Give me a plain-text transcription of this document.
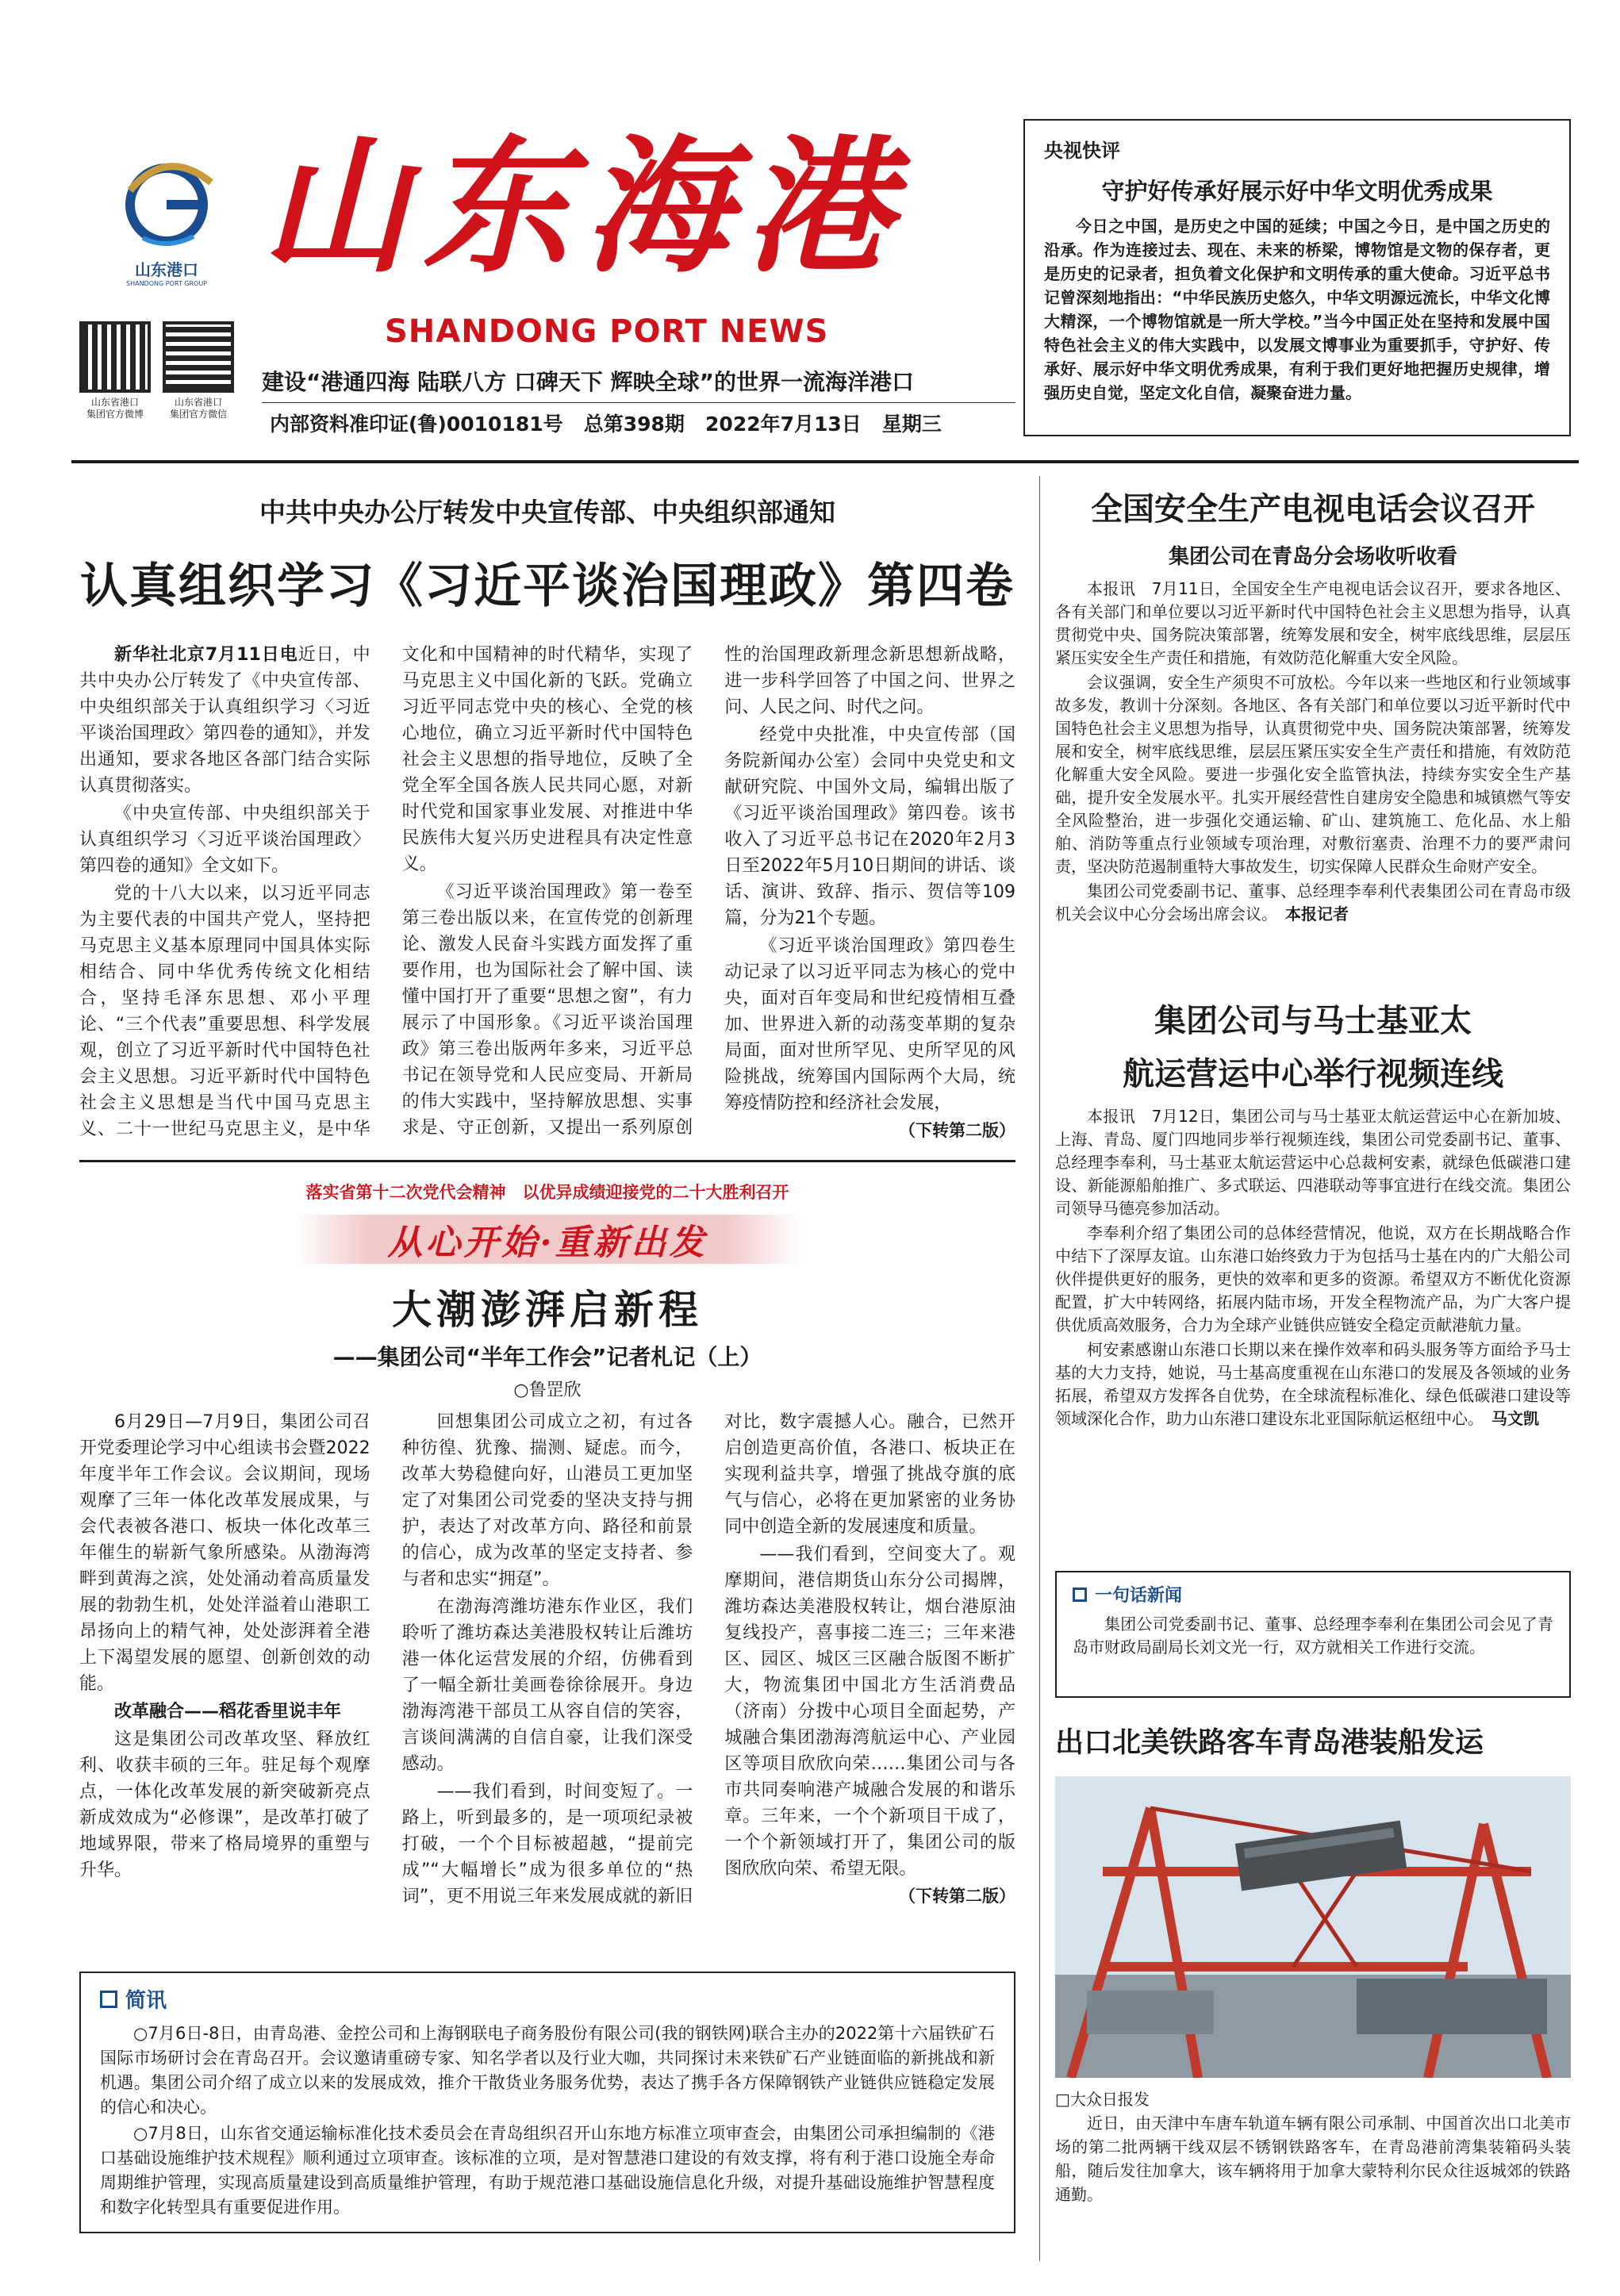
山东港口
SHANDONG PORT GROUP 山东海港
SHANDONG PORT NEWS
山东省港口
集团官方微博
山东省港口
集团官方微信
建设“港通四海 陆联八方 口碑天下 辉映全球”的世界一流海洋港口
内部资料准印证(鲁)0010181号   总第398期   2022年7月13日   星期三
央视快评
守护好传承好展示好中华文明优秀成果
今日之中国，是历史之中国的延续；中国之今日，是中国之历史的沿承。作为连接过去、现在、未来的桥梁，博物馆是文物的保存者，更是历史的记录者，担负着文化保护和文明传承的重大使命。习近平总书记曾深刻地指出：“中华民族历史悠久，中华文明源远流长，中华文化博大精深，一个博物馆就是一所大学校。”当今中国正处在坚持和发展中国特色社会主义的伟大实践中，以发展文博事业为重要抓手，守护好、传承好、展示好中华文明优秀成果，有利于我们更好地把握历史规律，增强历史自觉，坚定文化自信，凝聚奋进力量。
中共中央办公厅转发中央宣传部、中央组织部通知
认真组织学习《习近平谈治国理政》第四卷
新华社北京7月11日电近日，中共中央办公厅转发了《中央宣传部、中央组织部关于认真组织学习〈习近平谈治国理政〉第四卷的通知》，并发出通知，要求各地区各部门结合实际认真贯彻落实。
《中央宣传部、中央组织部关于认真组织学习〈习近平谈治国理政〉第四卷的通知》全文如下。
党的十八大以来，以习近平同志为主要代表的中国共产党人，坚持把马克思主义基本原理同中国具体实际相结合、同中华优秀传统文化相结合，坚持毛泽东思想、邓小平理论、“三个代表”重要思想、科学发展观，创立了习近平新时代中国特色社会主义思想。习近平新时代中国特色社会主义思想是当代中国马克思主义、二十一世纪马克思主义，是中华文化和中国精神的时代精华，实现了马克思主义中国化新的飞跃。党确立习近平同志党中央的核心、全党的核心地位，确立习近平新时代中国特色社会主义思想的指导地位，反映了全党全军全国各族人民共同心愿，对新时代党和国家事业发展、对推进中华民族伟大复兴历史进程具有决定性意义。
《习近平谈治国理政》第一卷至第三卷出版以来，在宣传党的创新理论、激发人民奋斗实践方面发挥了重要作用，也为国际社会了解中国、读懂中国打开了重要“思想之窗”，有力展示了中国形象。《习近平谈治国理政》第三卷出版两年多来，习近平总书记在领导党和人民应变局、开新局的伟大实践中，坚持解放思想、实事求是、守正创新，又提出一系列原创性的治国理政新理念新思想新战略，进一步科学回答了中国之问、世界之问、人民之问、时代之问。
经党中央批准，中央宣传部（国务院新闻办公室）会同中央党史和文献研究院、中国外文局，编辑出版了《习近平谈治国理政》第四卷。该书收入了习近平总书记在2020年2月3日至2022年5月10日期间的讲话、谈话、演讲、致辞、指示、贺信等109篇，分为21个专题。
《习近平谈治国理政》第四卷生动记录了以习近平同志为核心的党中央，面对百年变局和世纪疫情相互叠加、世界进入新的动荡变革期的复杂局面，面对世所罕见、史所罕见的风险挑战，统筹国内国际两个大局，统筹疫情防控和经济社会发展，
（下转第二版）
落实省第十二次党代会精神　以优异成绩迎接党的二十大胜利召开
从心开始·重新出发
大潮澎湃启新程
——集团公司“半年工作会”记者札记（上）
○鲁罡欣
6月29日—7月9日，集团公司召开党委理论学习中心组读书会暨2022年度半年工作会议。会议期间，现场观摩了三年一体化改革发展成果，与会代表被各港口、板块一体化改革三年催生的崭新气象所感染。从渤海湾畔到黄海之滨，处处涌动着高质量发展的勃勃生机，处处洋溢着山港职工昂扬向上的精气神，处处澎湃着全港上下渴望发展的愿望、创新创效的动能。
改革融合——稻花香里说丰年
这是集团公司改革攻坚、释放红利、收获丰硕的三年。驻足每个观摩点，一体化改革发展的新突破新亮点新成效成为“必修课”，是改革打破了地域界限，带来了格局境界的重塑与升华。
回想集团公司成立之初，有过各种彷徨、犹豫、揣测、疑虑。而今，改革大势稳健向好，山港员工更加坚定了对集团公司党委的坚决支持与拥护，表达了对改革方向、路径和前景的信心，成为改革的坚定支持者、参与者和忠实“拥趸”。
在渤海湾潍坊港东作业区，我们聆听了潍坊森达美港股权转让后潍坊港一体化运营发展的介绍，仿佛看到了一幅全新壮美画卷徐徐展开。身边渤海湾港干部员工从容自信的笑容，言谈间满满的自信自豪，让我们深受感动。
——我们看到，时间变短了。一路上，听到最多的，是一项项纪录被打破，一个个目标被超越，“提前完成”“大幅增长”成为很多单位的“热词”，更不用说三年来发展成就的新旧对比，数字震撼人心。融合，已然开启创造更高价值，各港口、板块正在实现利益共享，增强了挑战夺旗的底气与信心，必将在更加紧密的业务协同中创造全新的发展速度和质量。
——我们看到，空间变大了。观摩期间，港信期货山东分公司揭牌，潍坊森达美港股权转让，烟台港原油复线投产，喜事接二连三；三年来港区、园区、城区三区融合版图不断扩大，物流集团中国北方生活消费品（济南）分拨中心项目全面起势，产城融合集团渤海湾航运中心、产业园区等项目欣欣向荣……集团公司与各市共同奏响港产城融合发展的和谐乐章。三年来，一个个新项目干成了，一个个新领域打开了，集团公司的版图欣欣向荣、希望无限。
（下转第二版）
简讯
○7月6日-8日，由青岛港、金控公司和上海钢联电子商务股份有限公司(我的钢铁网)联合主办的2022第十六届铁矿石国际市场研讨会在青岛召开。会议邀请重磅专家、知名学者以及行业大咖，共同探讨未来铁矿石产业链面临的新挑战和新机遇。集团公司介绍了成立以来的发展成效，推介干散货业务服务优势，表达了携手各方保障钢铁产业链供应链稳定发展的信心和决心。
○7月8日，山东省交通运输标准化技术委员会在青岛组织召开山东地方标准立项审查会，由集团公司承担编制的《港口基础设施维护技术规程》顺利通过立项审查。该标准的立项，是对智慧港口建设的有效支撑，将有利于港口设施全寿命周期维护管理，实现高质量建设到高质量维护管理，有助于规范港口基础设施信息化升级，对提升基础设施维护智慧程度和数字化转型具有重要促进作用。
全国安全生产电视电话会议召开
集团公司在青岛分会场收听收看
本报讯　7月11日，全国安全生产电视电话会议召开，要求各地区、各有关部门和单位要以习近平新时代中国特色社会主义思想为指导，认真贯彻党中央、国务院决策部署，统筹发展和安全，树牢底线思维，层层压紧压实安全生产责任和措施，有效防范化解重大安全风险。
会议强调，安全生产须臾不可放松。今年以来一些地区和行业领域事故多发，教训十分深刻。各地区、各有关部门和单位要以习近平新时代中国特色社会主义思想为指导，认真贯彻党中央、国务院决策部署，统筹发展和安全，树牢底线思维，层层压紧压实安全生产责任和措施，有效防范化解重大安全风险。要进一步强化安全监管执法，持续夯实安全生产基础，提升安全发展水平。扎实开展经营性自建房安全隐患和城镇燃气等安全风险整治，进一步强化交通运输、矿山、建筑施工、危化品、水上船舶、消防等重点行业领域专项治理，对敷衍塞责、治理不力的要严肃问责，坚决防范遏制重特大事故发生，切实保障人民群众生命财产安全。
集团公司党委副书记、董事、总经理李奉利代表集团公司在青岛市级机关会议中心分会场出席会议。　 本报记者
集团公司与马士基亚太
航运营运中心举行视频连线
本报讯　7月12日，集团公司与马士基亚太航运营运中心在新加坡、上海、青岛、厦门四地同步举行视频连线，集团公司党委副书记、董事、总经理李奉利，马士基亚太航运营运中心总裁柯安素，就绿色低碳港口建设、新能源船舶推广、多式联运、四港联动等事宜进行在线交流。集团公司领导马德亮参加活动。
李奉利介绍了集团公司的总体经营情况，他说，双方在长期战略合作中结下了深厚友谊。山东港口始终致力于为包括马士基在内的广大船公司伙伴提供更好的服务，更快的效率和更多的资源。希望双方不断优化资源配置，扩大中转网络，拓展内陆市场，开发全程物流产品，为广大客户提供优质高效服务，合力为全球产业链供应链安全稳定贡献港航力量。
柯安素感谢山东港口长期以来在操作效率和码头服务等方面给予马士基的大力支持，她说，马士基高度重视在山东港口的发展及各领域的业务拓展，希望双方发挥各自优势，在全球流程标准化、绿色低碳港口建设等领域深化合作，助力山东港口建设东北亚国际航运枢纽中心。　 马文凯
一句话新闻
集团公司党委副书记、董事、总经理李奉利在集团公司会见了青岛市财政局副局长刘文光一行，双方就相关工作进行交流。
出口北美铁路客车青岛港装船发运
□大众日报发
近日，由天津中车唐车轨道车辆有限公司承制、中国首次出口北美市场的第二批两辆干线双层不锈钢铁路客车，在青岛港前湾集装箱码头装船，随后发往加拿大，该车辆将用于加拿大蒙特利尔民众往返城郊的铁路通勤。
